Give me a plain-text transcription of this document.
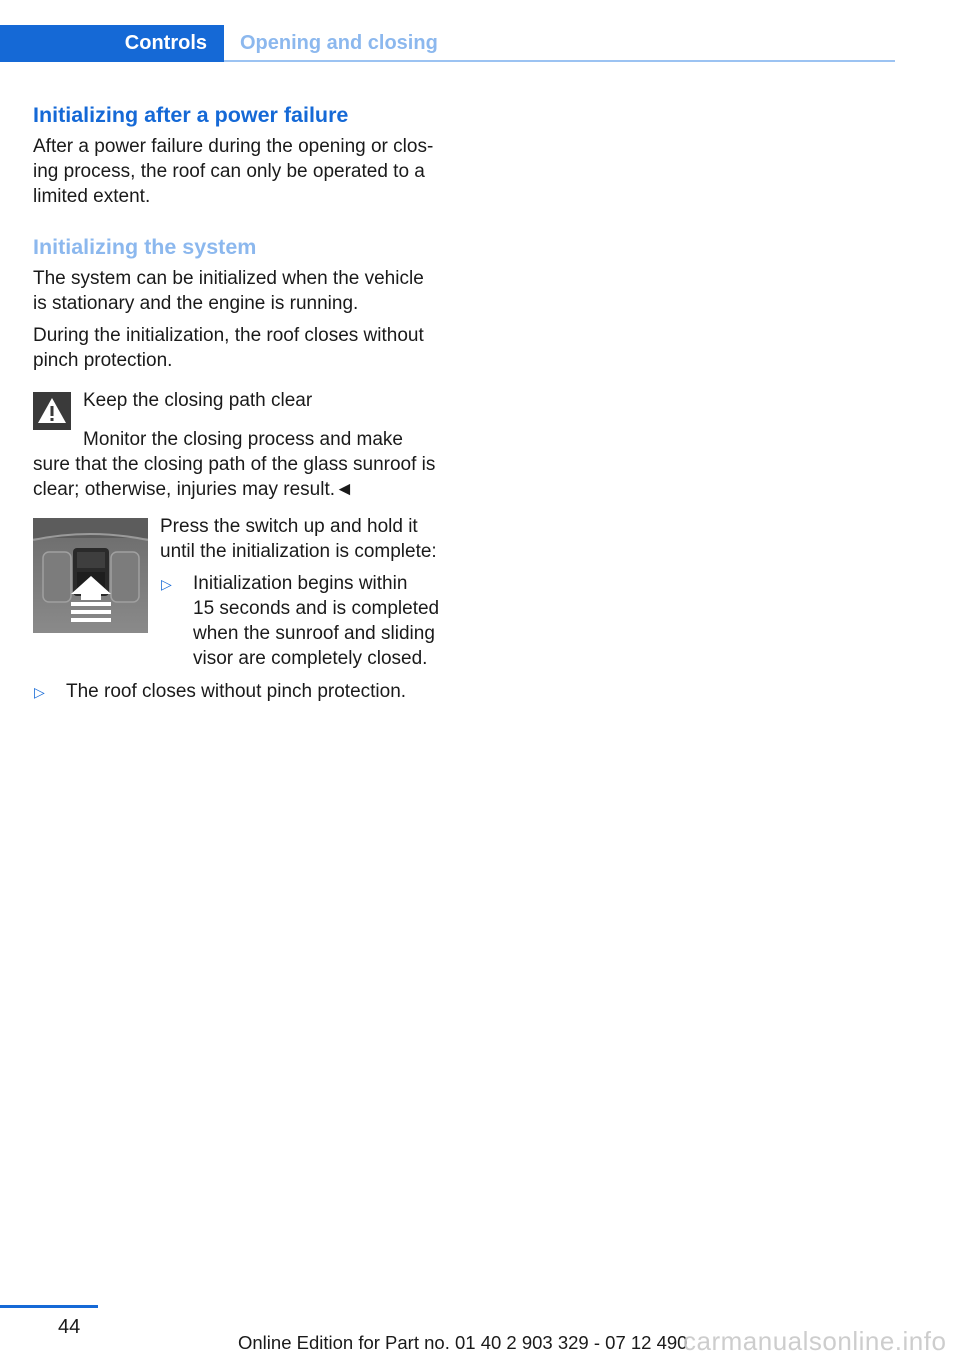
Controls Opening and closing
Initializing after a power failure

After a power failure during the opening or clos‐

ing process, the roof can only be operated to a

limited extent.

Initializing the system

The system can be initialized when the vehicle

is stationary and the engine is running.

During the initialization, the roof closes without

pinch protection.

Keep the closing path clear
Monitor the closing process and make
sure that the closing path of the glass sunroof is
clear; otherwise, injuries may result.◄
Press the switch up and hold it
until the initialization is complete:
▷ Initialization begins within
15 seconds and is completed
when the sunroof and sliding
visor are completely closed.
▷ The roof closes without pinch protection.
44
Online Edition for Part no. 01 40 2 903 329 - 07 12 490
carmanualsonline.info
